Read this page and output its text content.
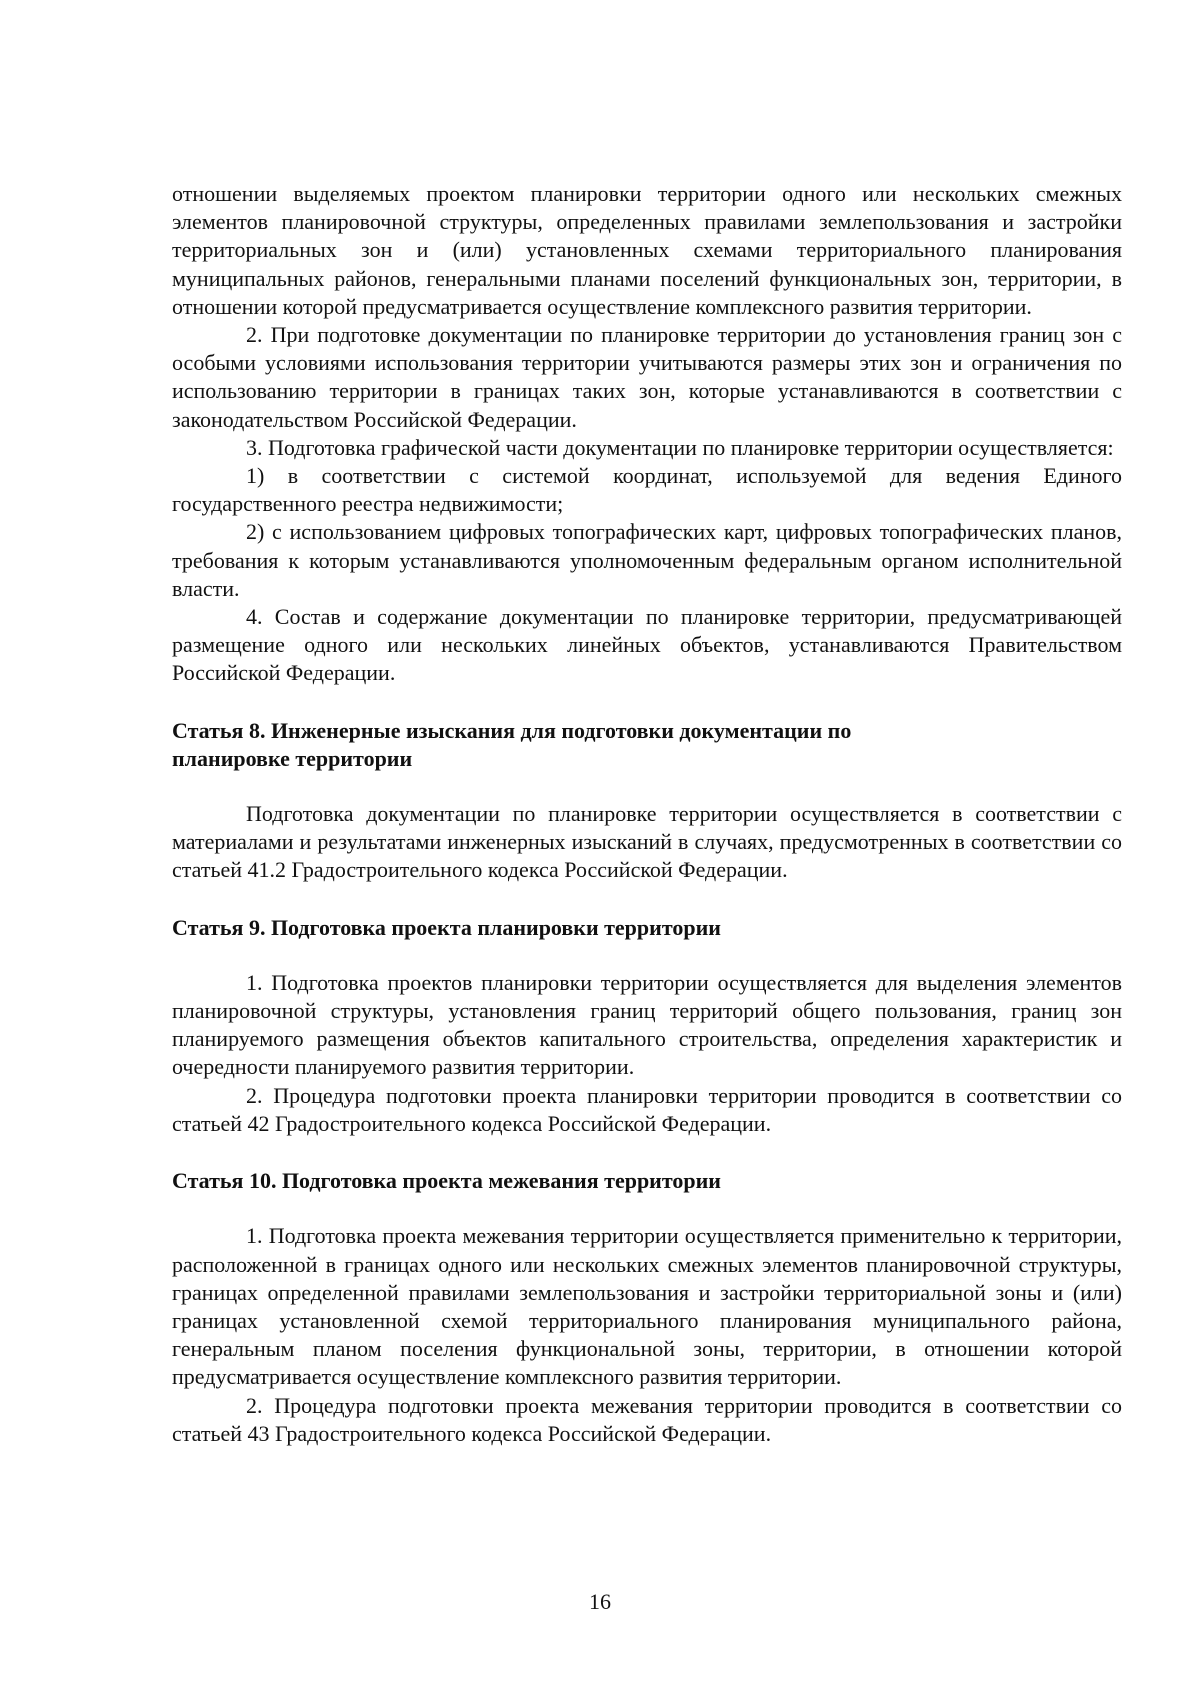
отношении выделяемых проектом планировки территории одного или нескольких смежных элементов планировочной структуры, определенных правилами землепользования и застройки территориальных зон и (или) установленных схемами территориального планирования муниципальных районов, генеральными планами поселений функциональных зон, территории, в отношении которой предусматривается осуществление комплексного развития территории.

2. При подготовке документации по планировке территории до установления границ зон с особыми условиями использования территории учитываются размеры этих зон и ограничения по использованию территории в границах таких зон, которые устанавливаются в соответствии с законодательством Российской Федерации.

3. Подготовка графической части документации по планировке территории осуществляется:

1) в соответствии с системой координат, используемой для ведения Единого государственного реестра недвижимости;

2) с использованием цифровых топографических карт, цифровых топографических планов, требования к которым устанавливаются уполномоченным федеральным органом исполнительной власти.

4. Состав и содержание документации по планировке территории, предусматривающей размещение одного или нескольких линейных объектов, устанавливаются Правительством Российской Федерации.

Статья 8. Инженерные изыскания для подготовки документации по

планировке территории

Подготовка документации по планировке территории осуществляется в соответствии с материалами и результатами инженерных изысканий в случаях, предусмотренных в соответствии со статьей 41.2 Градостроительного кодекса Российской Федерации.

Статья 9. Подготовка проекта планировки территории

1. Подготовка проектов планировки территории осуществляется для выделения элементов планировочной структуры, установления границ территорий общего пользования, границ зон планируемого размещения объектов капитального строительства, определения характеристик и очередности планируемого развития территории.

2. Процедура подготовки проекта планировки территории проводится в соответствии со статьей 42 Градостроительного кодекса Российской Федерации.

Статья 10. Подготовка проекта межевания территории

1. Подготовка проекта межевания территории осуществляется применительно к территории, расположенной в границах одного или нескольких смежных элементов планировочной структуры, границах определенной правилами землепользования и застройки территориальной зоны и (или) границах установленной схемой территориального планирования муниципального района, генеральным планом поселения функциональной зоны, территории, в отношении которой предусматривается осуществление комплексного развития территории.

2. Процедура подготовки проекта межевания территории проводится в соответствии со статьей 43 Градостроительного кодекса Российской Федерации.

16
